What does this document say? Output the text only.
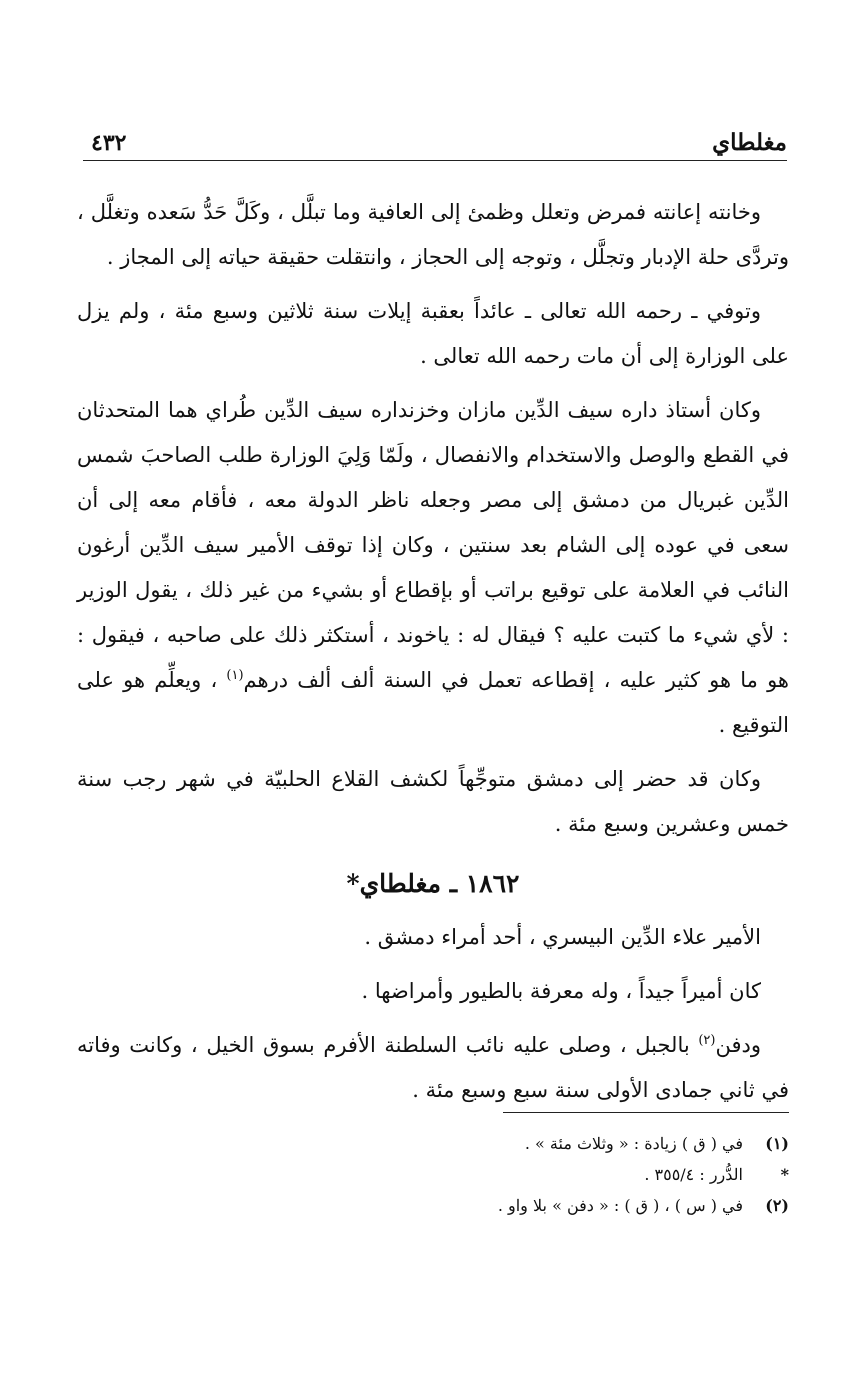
مغلطاي
٤٣٢

وخانته إعانته فمرض وتعلل وظمئ إلى العافية وما تبلَّل ، وكَلَّ حَدُّ سَعده وتغلَّل ، وتردَّى حلة الإدبار وتجلَّل ، وتوجه إلى الحجاز ، وانتقلت حقيقة حياته إلى المجاز .

وتوفي ـ رحمه الله تعالى ـ عائداً بعقبة إيلات سنة ثلاثين وسبع مئة ، ولم يزل على الوزارة إلى أن مات رحمه الله تعالى .

وكان أستاذ داره سيف الدِّين مازان وخزنداره سيف الدِّين طُراي هما المتحدثان في القطع والوصل والاستخدام والانفصال ، ولَمّا وَلِيَ الوزارة طلب الصاحبَ شمس الدِّين غبريال من دمشق إلى مصر وجعله ناظر الدولة معه ، فأقام معه إلى أن سعى في عوده إلى الشام بعد سنتين ، وكان إذا توقف الأمير سيف الدِّين أرغون النائب في العلامة على توقيع براتب أو بإقطاع أو بشيء من غير ذلك ، يقول الوزير : لأي شيء ما كتبت عليه ؟ فيقال له : ياخوند ، أستكثر ذلك على صاحبه ، فيقول : هو ما هو كثير عليه ، إقطاعه تعمل في السنة ألف ألف درهم$^{(١)}$ ، ويعلِّم هو على التوقيع .

وكان قد حضر إلى دمشق متوجِّهاً لكشف القلاع الحلبيّة في شهر رجب سنة خمس وعشرين وسبع مئة .

١٨٦٢ ـ مغلطاي*

الأمير علاء الدِّين البيسري ، أحد أمراء دمشق .

كان أميراً جيداً ، وله معرفة بالطيور وأمراضها .

ودفن$^{(٢)}$ بالجبل ، وصلى عليه نائب السلطنة الأفرم بسوق الخيل ، وكانت وفاته في ثاني جمادى الأولى سنة سبع وسبع مئة .

(١)
في ( ق ) زيادة : « وثلاث مئة » .
*
الدُّرر : ٣٥٥/٤ .
(٢)
في ( س ) ، ( ق ) : « دفن » بلا واو .
